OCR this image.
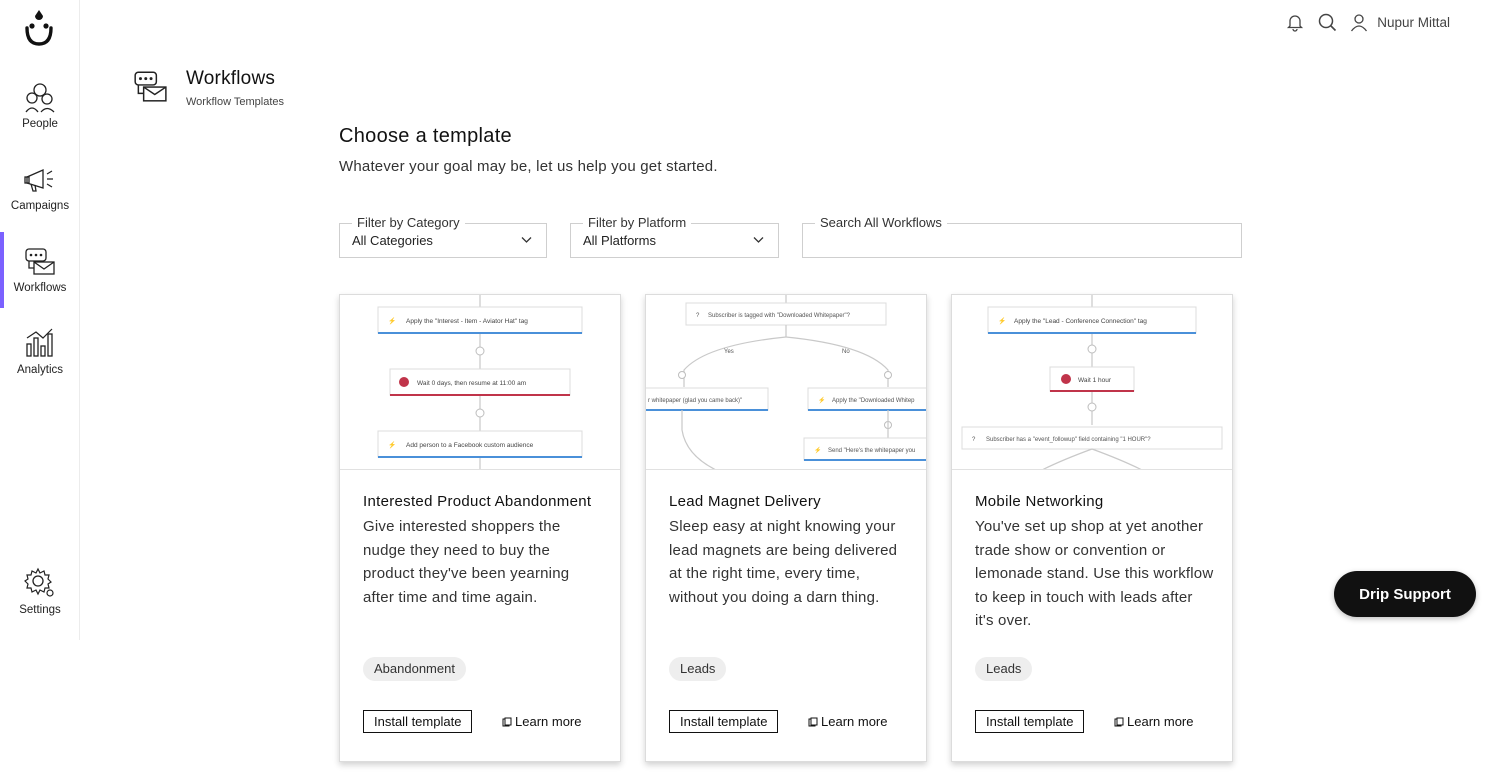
People
Campaigns
Workflows
Analytics
Settings
Nupur Mittal
Workflows
Workflow Templates
Choose a template
Whatever your goal may be, let us help you get started.
Filter by Category
All Categories
Filter by Platform
All Platforms
Search All Workflows
⚡ Apply the "Interest - Item - Aviator Hat" tag
Wait 0 days, then resume at 11:00 am
⚡ Add person to a Facebook custom audience
Interested Product Abandonment
Give interested shoppers the nudge they need to buy the product they've been yearning after time and time again.
Abandonment
Install template	Learn more
? Subscriber is tagged with "Downloaded Whitepaper"?
Yes	No
r whitepaper (glad you came back)"	⚡ Apply the "Downloaded Whitep
⚡ Send "Here's the whitepaper you
Lead Magnet Delivery
Sleep easy at night knowing your lead magnets are being delivered at the right time, every time, without you doing a darn thing.
Leads
Install template	Learn more
⚡ Apply the "Lead - Conference Connection" tag
Wait 1 hour
? Subscriber has a "event_followup" field containing "1 HOUR"?
Mobile Networking
You've set up shop at yet another trade show or convention or lemonade stand. Use this workflow to keep in touch with leads after it's over.
Leads
Install template	Learn more
Drip Support
